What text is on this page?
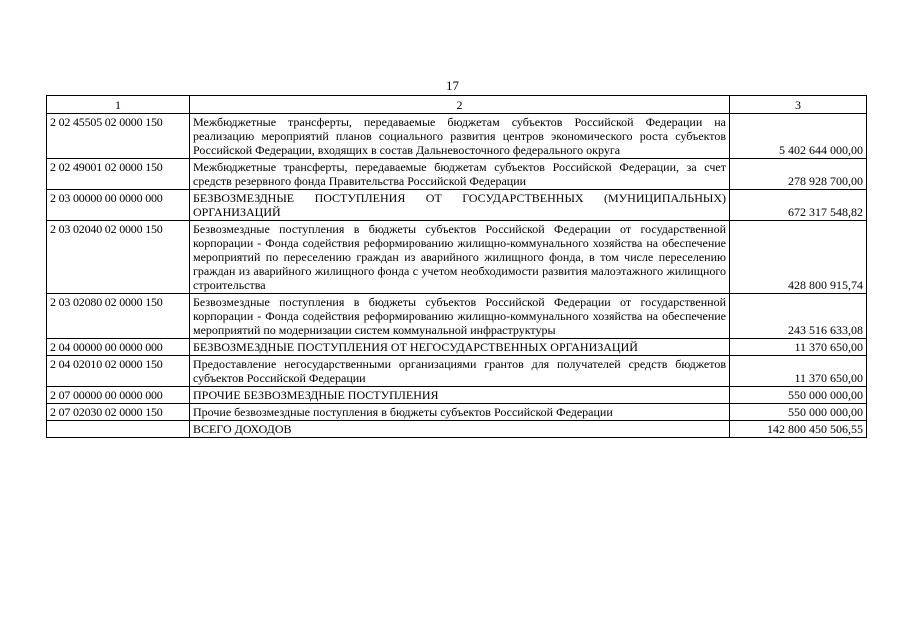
17
1	2	3
2 02 45505 02 0000 150	Межбюджетные трансферты, передаваемые бюджетам субъектов Российской Федерации на реализацию мероприятий планов социального развития центров экономического роста субъектов Российской Федерации, входящих в состав Дальневосточного федерального округа	5 402 644 000,00
2 02 49001 02 0000 150	Межбюджетные трансферты, передаваемые бюджетам субъектов Российской Федерации, за счет средств резервного фонда Правительства Российской Федерации	278 928 700,00
2 03 00000 00 0000 000	БЕЗВОЗМЕЗДНЫЕ ПОСТУПЛЕНИЯ ОТ ГОСУДАРСТВЕННЫХ (МУНИЦИПАЛЬНЫХ) ОРГАНИЗАЦИЙ	672 317 548,82
2 03 02040 02 0000 150	Безвозмездные поступления в бюджеты субъектов Российской Федерации от государственной корпорации - Фонда содействия реформированию жилищно-коммунального хозяйства на обеспечение мероприятий по переселению граждан из аварийного жилищного фонда, в том числе переселению граждан из аварийного жилищного фонда с учетом необходимости развития малоэтажного жилищного строительства	428 800 915,74
2 03 02080 02 0000 150	Безвозмездные поступления в бюджеты субъектов Российской Федерации от государственной корпорации - Фонда содействия реформированию жилищно-коммунального хозяйства на обеспечение мероприятий по модернизации систем коммунальной инфраструктуры	243 516 633,08
2 04 00000 00 0000 000	БЕЗВОЗМЕЗДНЫЕ ПОСТУПЛЕНИЯ ОТ НЕГОСУДАРСТВЕННЫХ ОРГАНИЗАЦИЙ	11 370 650,00
2 04 02010 02 0000 150	Предоставление негосударственными организациями грантов для получателей средств бюджетов субъектов Российской Федерации	11 370 650,00
2 07 00000 00 0000 000	ПРОЧИЕ БЕЗВОЗМЕЗДНЫЕ ПОСТУПЛЕНИЯ	550 000 000,00
2 07 02030 02 0000 150	Прочие безвозмездные поступления в бюджеты субъектов Российской Федерации	550 000 000,00
	ВСЕГО ДОХОДОВ	142 800 450 506,55
